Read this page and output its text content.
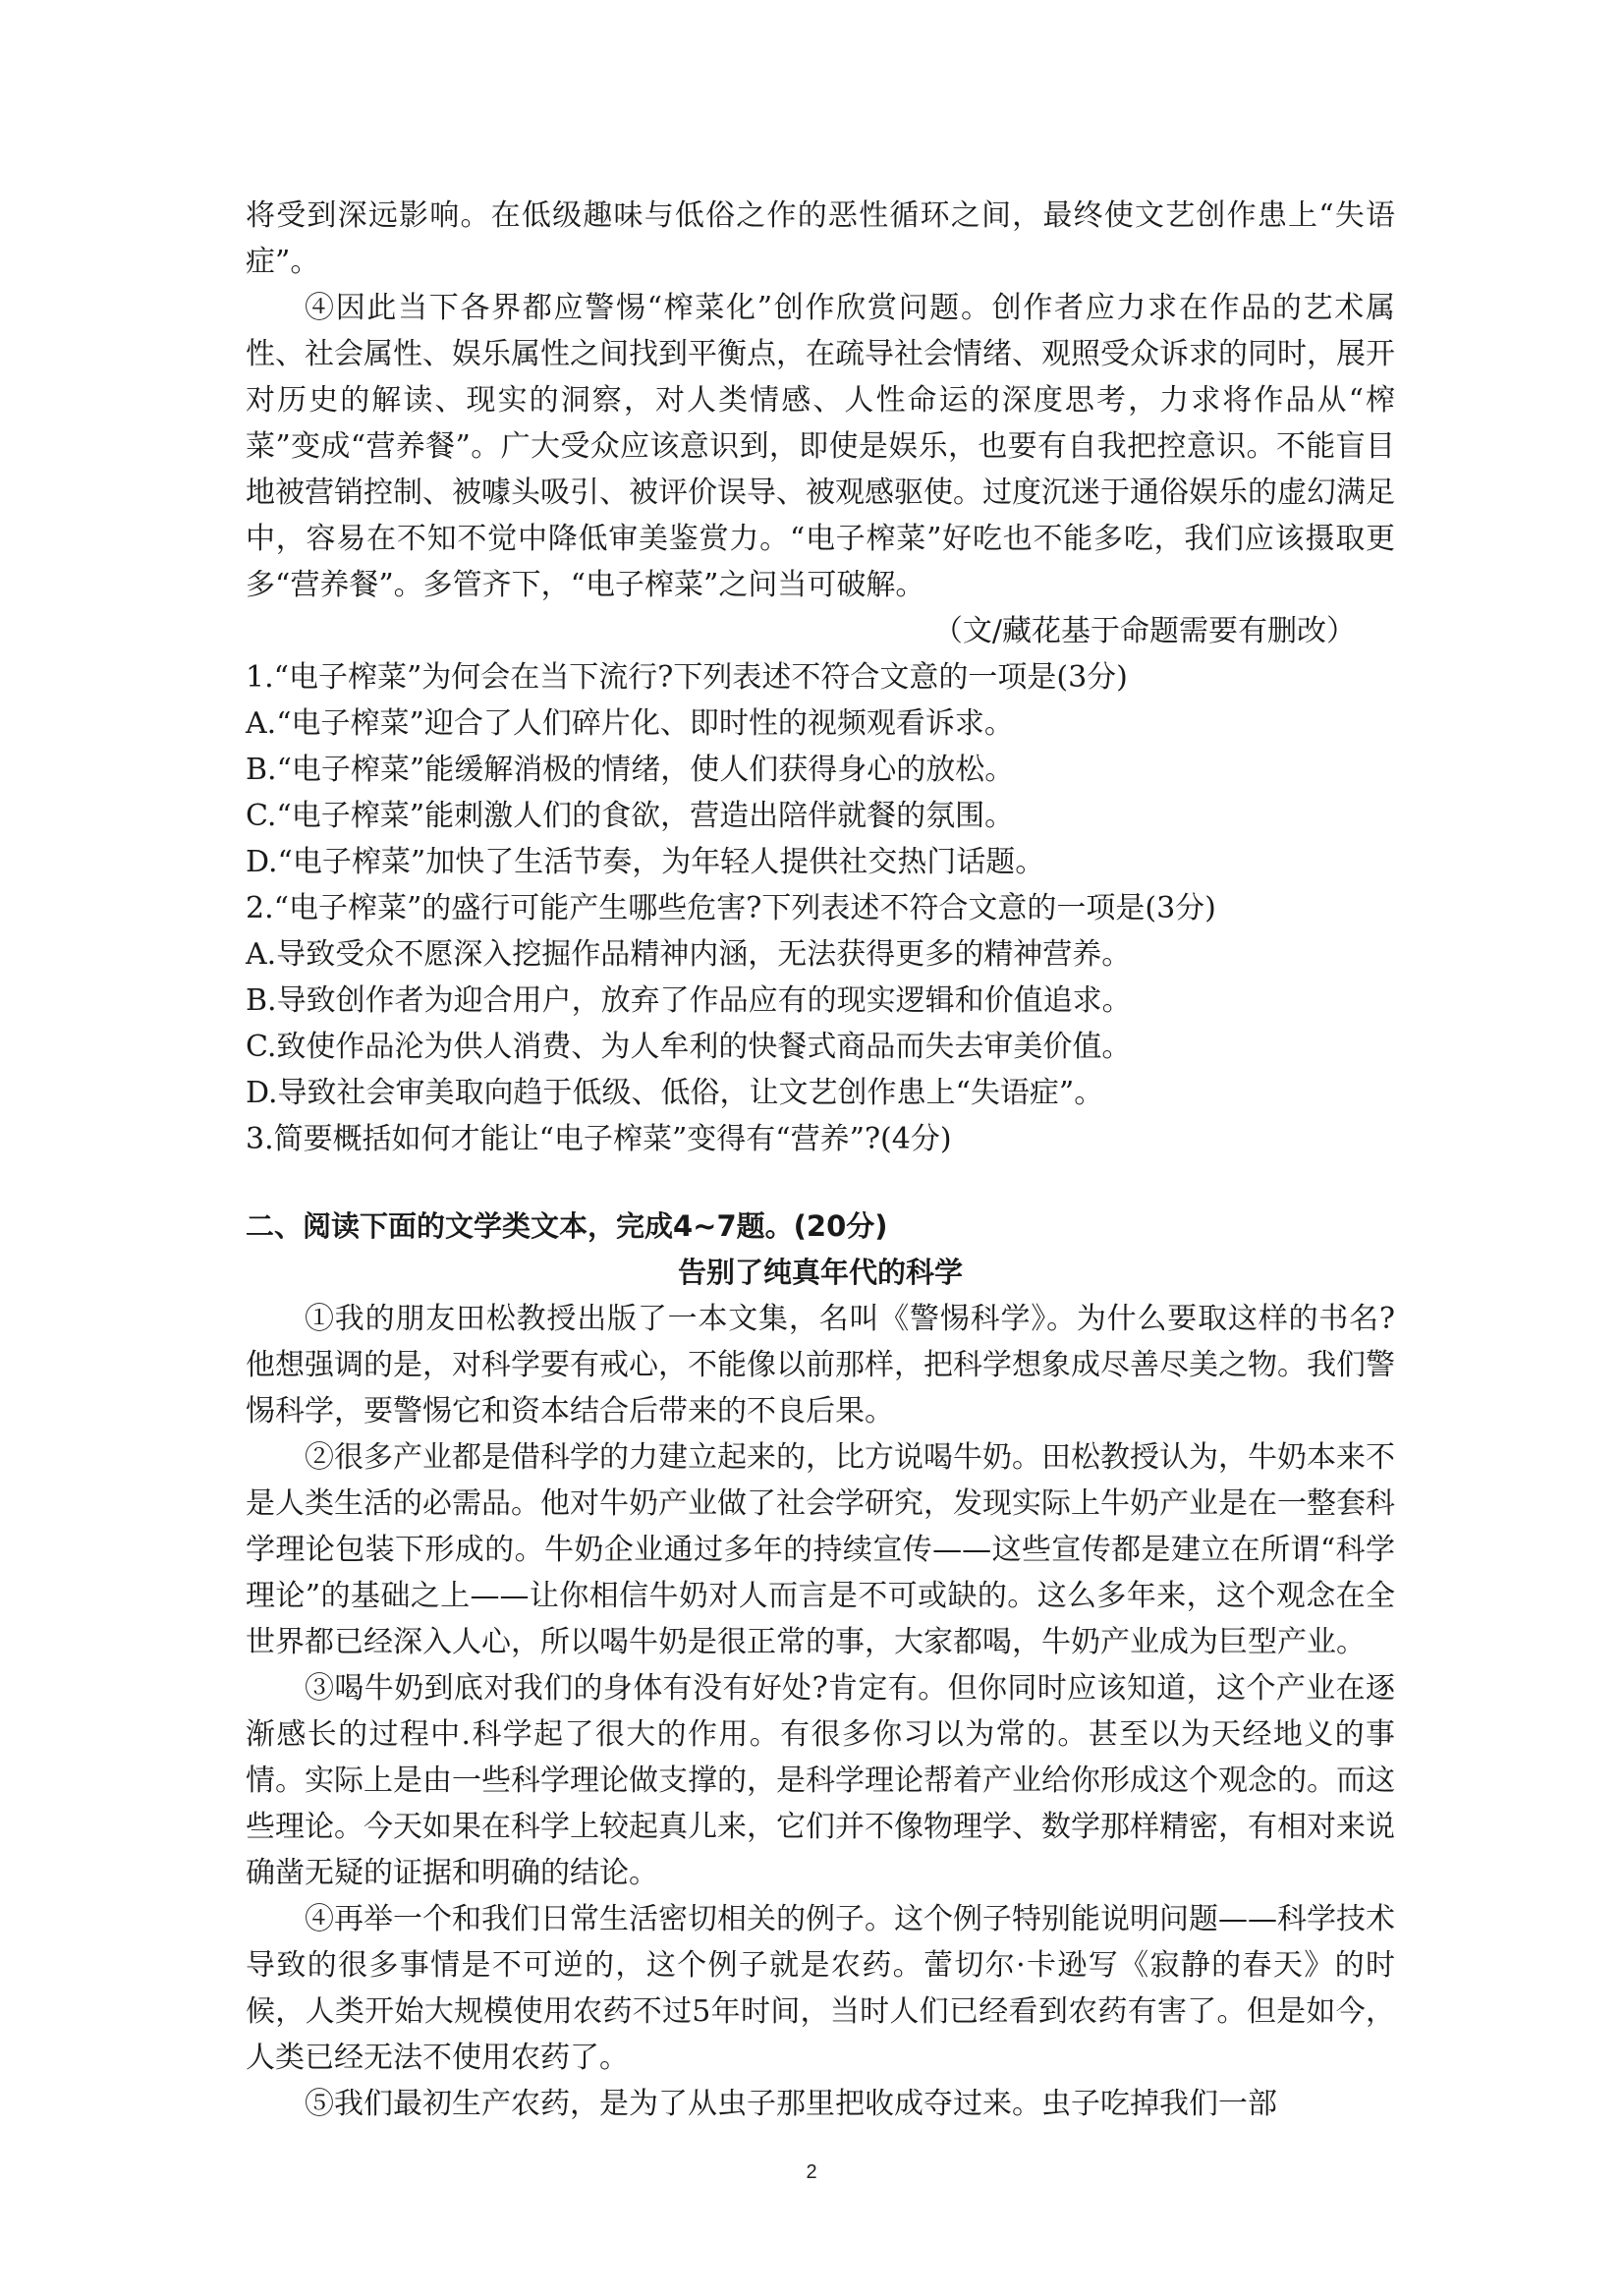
将受到深远影响。在低级趣味与低俗之作的恶性循环之间，最终使文艺创作患上“失语症”。

④因此当下各界都应警惕“榨菜化”创作欣赏问题。创作者应力求在作品的艺术属性、社会属性、娱乐属性之间找到平衡点，在疏导社会情绪、观照受众诉求的同时，展开对历史的解读、现实的洞察，对人类情感、人性命运的深度思考，力求将作品从“榨菜”变成“营养餐”。广大受众应该意识到，即使是娱乐，也要有自我把控意识。不能盲目地被营销控制、被噱头吸引、被评价误导、被观感驱使。过度沉迷于通俗娱乐的虚幻满足中，容易在不知不觉中降低审美鉴赏力。“电子榨菜”好吃也不能多吃，我们应该摄取更多“营养餐”。多管齐下，“电子榨菜”之问当可破解。

（文/藏花基于命题需要有删改）

1.“电子榨菜”为何会在当下流行?下列表述不符合文意的一项是(3分)

A.“电子榨菜”迎合了人们碎片化、即时性的视频观看诉求。

B.“电子榨菜”能缓解消极的情绪，使人们获得身心的放松。

C.“电子榨菜”能刺激人们的食欲，营造出陪伴就餐的氛围。

D.“电子榨菜”加快了生活节奏，为年轻人提供社交热门话题。

2.“电子榨菜”的盛行可能产生哪些危害?下列表述不符合文意的一项是(3分)

A.导致受众不愿深入挖掘作品精神内涵，无法获得更多的精神营养。

B.导致创作者为迎合用户，放弃了作品应有的现实逻辑和价值追求。

C.致使作品沦为供人消费、为人牟利的快餐式商品而失去审美价值。

D.导致社会审美取向趋于低级、低俗，让文艺创作患上“失语症”。

3.简要概括如何才能让“电子榨菜”变得有“营养”?(4分)

二、阅读下面的文学类文本，完成4~7题。(20分)

告别了纯真年代的科学

①我的朋友田松教授出版了一本文集，名叫《警惕科学》。为什么要取这样的书名?他想强调的是，对科学要有戒心，不能像以前那样，把科学想象成尽善尽美之物。我们警惕科学，要警惕它和资本结合后带来的不良后果。

②很多产业都是借科学的力建立起来的，比方说喝牛奶。田松教授认为，牛奶本来不是人类生活的必需品。他对牛奶产业做了社会学研究，发现实际上牛奶产业是在一整套科学理论包装下形成的。牛奶企业通过多年的持续宣传——这些宣传都是建立在所谓“科学理论”的基础之上——让你相信牛奶对人而言是不可或缺的。这么多年来，这个观念在全世界都已经深入人心，所以喝牛奶是很正常的事，大家都喝，牛奶产业成为巨型产业。

③喝牛奶到底对我们的身体有没有好处?肯定有。但你同时应该知道，这个产业在逐渐感长的过程中.科学起了很大的作用。有很多你习以为常的。甚至以为天经地义的事情。实际上是由一些科学理论做支撑的，是科学理论帮着产业给你形成这个观念的。而这些理论。今天如果在科学上较起真儿来，它们并不像物理学、数学那样精密，有相对来说确凿无疑的证据和明确的结论。

④再举一个和我们日常生活密切相关的例子。这个例子特别能说明问题——科学技术导致的很多事情是不可逆的，这个例子就是农药。蕾切尔·卡逊写《寂静的春天》的时候，人类开始大规模使用农药不过5年时间，当时人们已经看到农药有害了。但是如今，人类已经无法不使用农药了。

⑤我们最初生产农药，是为了从虫子那里把收成夺过来。虫子吃掉我们一部

2
